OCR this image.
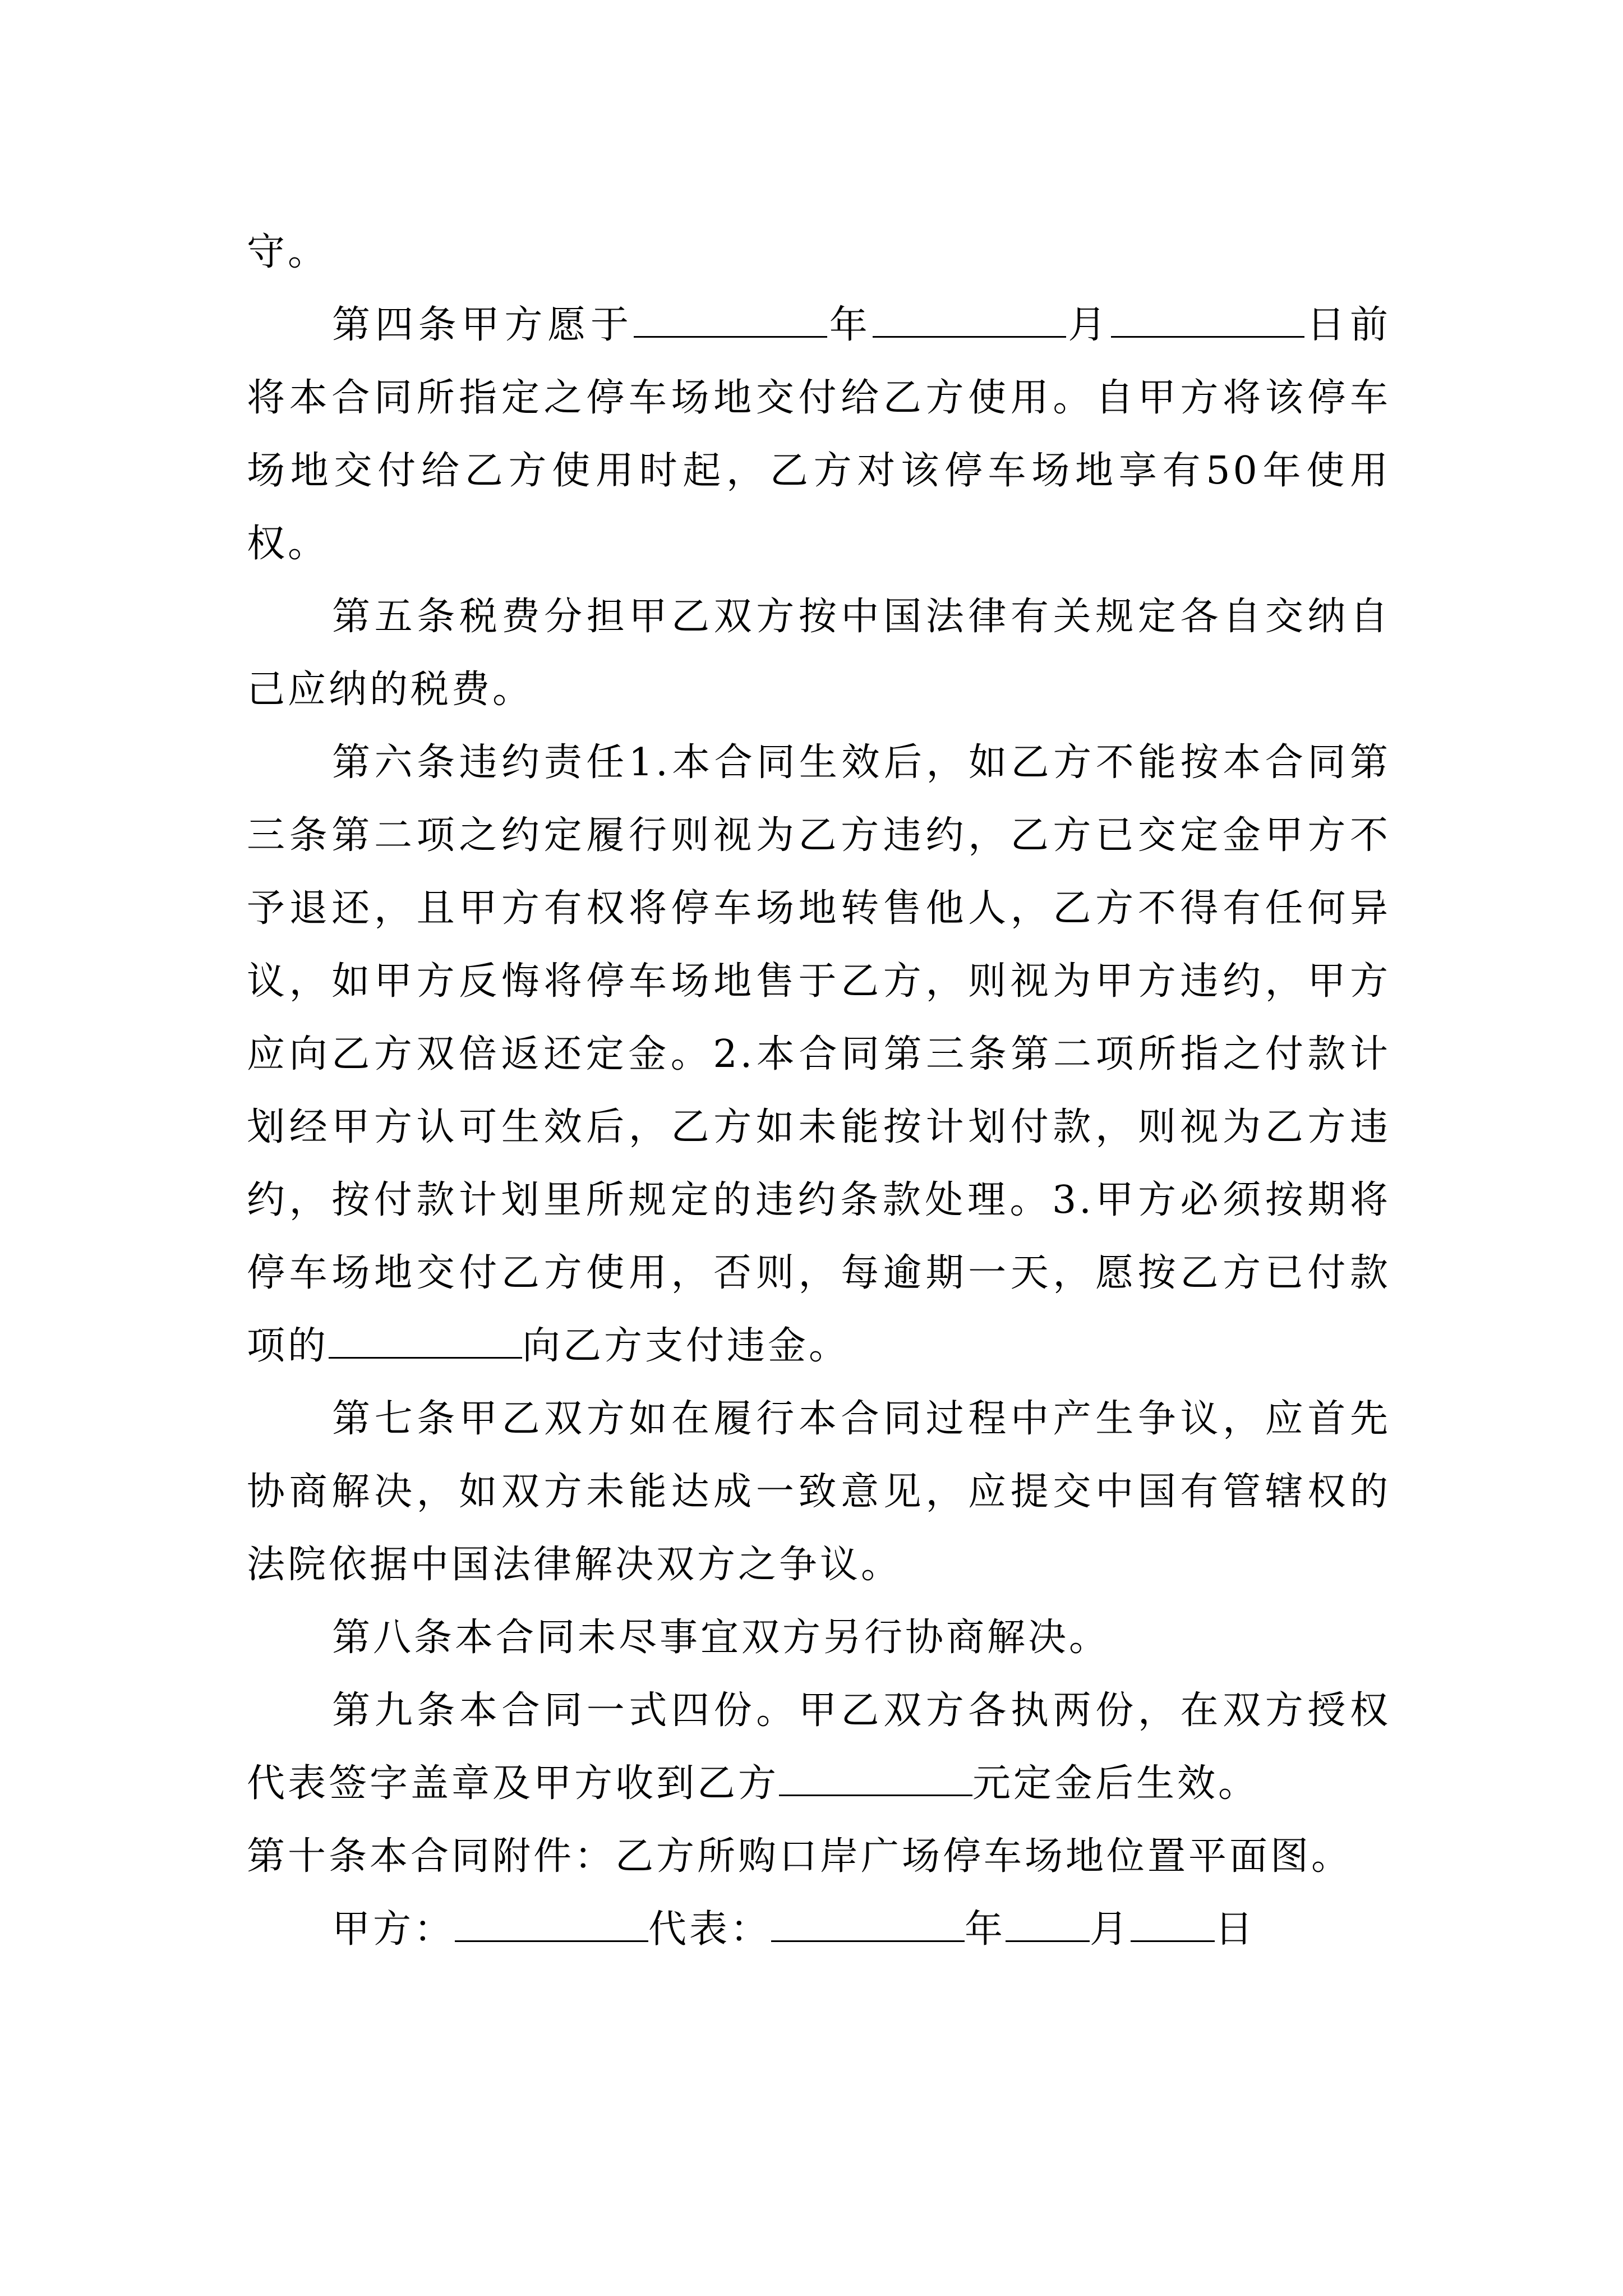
守。

第四条甲方愿于	年	月	日前将本合同所指定之停车场地交付给乙方使用。自甲方将该停车场地交付给乙方使用时起，乙方对该停车场地享有50年使用权。

第五条税费分担甲乙双方按中国法律有关规定各自交纳自己应纳的税费。

第六条违约责任1.本合同生效后，如乙方不能按本合同第三条第二项之约定履行则视为乙方违约，乙方已交定金甲方不予退还，且甲方有权将停车场地转售他人，乙方不得有任何异议，如甲方反悔将停车场地售于乙方，则视为甲方违约，甲方应向乙方双倍返还定金。2.本合同第三条第二项所指之付款计划经甲方认可生效后，乙方如未能按计划付款，则视为乙方违约，按付款计划里所规定的违约条款处理。3.甲方必须按期将停车场地交付乙方使用，否则，每逾期一天，愿按乙方已付款项的	向乙方支付违金。

第七条甲乙双方如在履行本合同过程中产生争议，应首先协商解决，如双方未能达成一致意见，应提交中国有管辖权的法院依据中国法律解决双方之争议。

第八条本合同未尽事宜双方另行协商解决。

第九条本合同一式四份。甲乙双方各执两份，在双方授权代表签字盖章及甲方收到乙方	元定金后生效。

第十条本合同附件：乙方所购口岸广场停车场地位置平面图。

甲方：	代表：	年 月 日
